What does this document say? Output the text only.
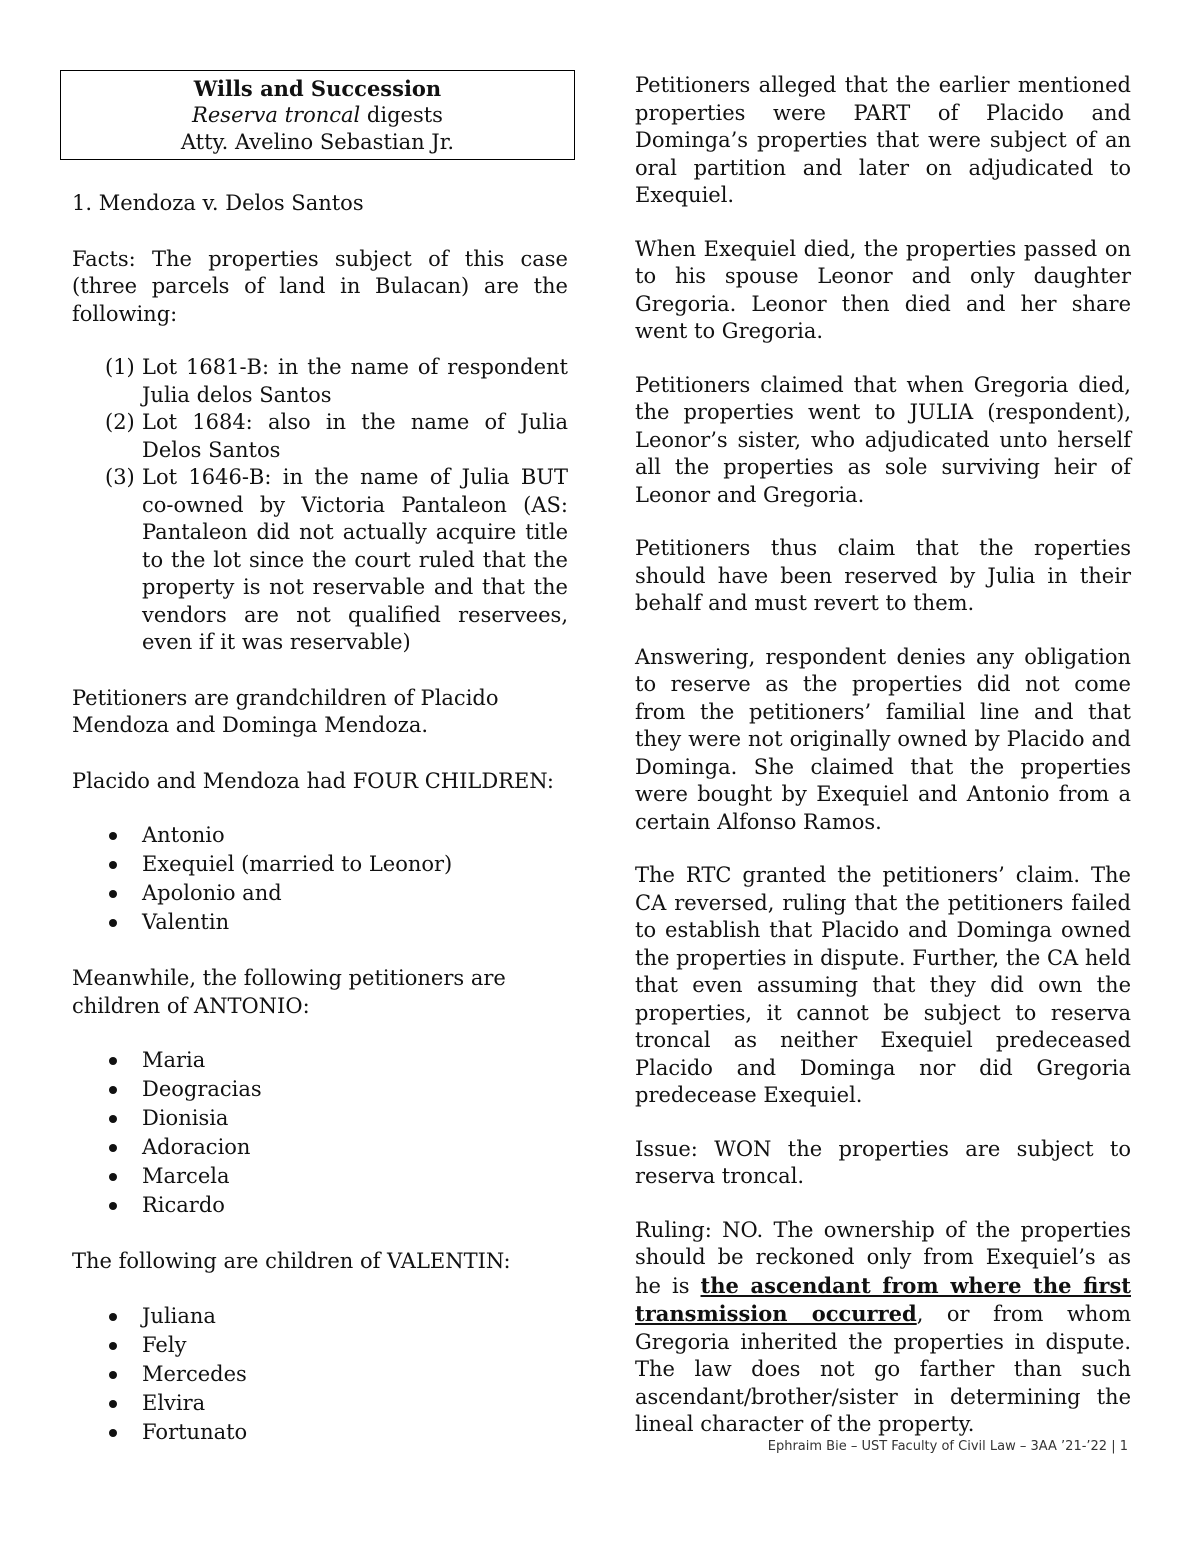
Wills and Succession
Reserva troncal digests
Atty. Avelino Sebastian Jr.

1. Mendoza v. Delos Santos

Facts: The properties subject of this case (three parcels of land in Bulacan) are the following:

(1) Lot 1681-B: in the name of respondent Julia delos Santos
(2) Lot 1684: also in the name of Julia Delos Santos
(3) Lot 1646-B: in the name of Julia BUT co-owned by Victoria Pantaleon (AS: Pantaleon did not actually acquire title to the lot since the court ruled that the property is not reservable and that the vendors are not qualified reservees, even if it was reservable)

Petitioners are grandchildren of Placido Mendoza and Dominga Mendoza.

Placido and Mendoza had FOUR CHILDREN:

Antonio
Exequiel (married to Leonor)
Apolonio and
Valentin

Meanwhile, the following petitioners are children of ANTONIO:

Maria
Deogracias
Dionisia
Adoracion
Marcela
Ricardo

The following are children of VALENTIN:

Juliana
Fely
Mercedes
Elvira
Fortunato

Petitioners alleged that the earlier mentioned properties were PART of Placido and Dominga’s properties that were subject of an oral partition and later on adjudicated to Exequiel.

When Exequiel died, the properties passed on to his spouse Leonor and only daughter Gregoria. Leonor then died and her share went to Gregoria.

Petitioners claimed that when Gregoria died, the properties went to JULIA (respondent), Leonor’s sister, who adjudicated unto herself all the properties as sole surviving heir of Leonor and Gregoria.

Petitioners thus claim that the roperties should have been reserved by Julia in their behalf and must revert to them.

Answering, respondent denies any obligation to reserve as the properties did not come from the petitioners’ familial line and that they were not originally owned by Placido and Dominga. She claimed that the properties were bought by Exequiel and Antonio from a certain Alfonso Ramos.

The RTC granted the petitioners’ claim. The CA reversed, ruling that the petitioners failed to establish that Placido and Dominga owned the properties in dispute. Further, the CA held that even assuming that they did own the properties, it cannot be subject to reserva troncal as neither Exequiel predeceased Placido and Dominga nor did Gregoria predecease Exequiel.

Issue: WON the properties are subject to reserva troncal.

Ruling: NO. The ownership of the properties should be reckoned only from Exequiel’s as he is the ascendant from where the first transmission occurred, or from whom Gregoria inherited the properties in dispute. The law does not go farther than such ascendant/brother/sister in determining the lineal character of the property.

Ephraim Bie – UST Faculty of Civil Law – 3AA ’21-’22 | 1
